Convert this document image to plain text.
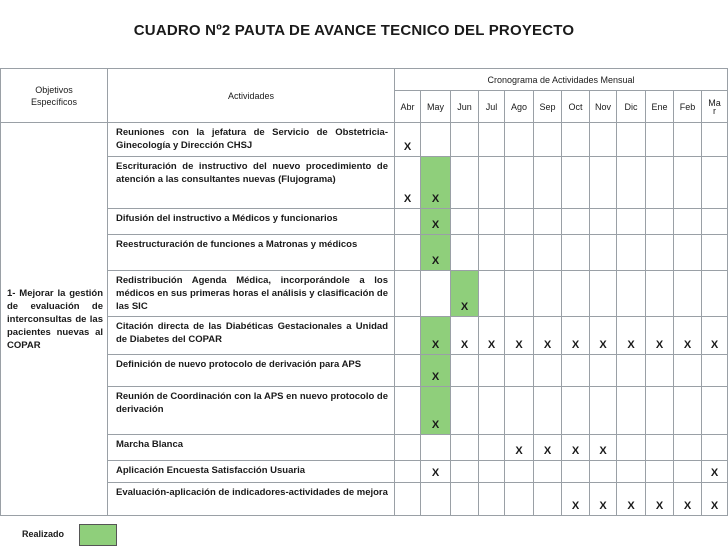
CUADRO Nº2 PAUTA DE AVANCE TECNICO DEL PROYECTO
Objetivos
Específicos	Actividades	Cronograma de Actividades Mensual											
		Abr	May	Jun	Jul	Ago	Sep	Oct	Nov	Dic	Ene	Feb	Ma
r
1- Mejorar la gestión de evaluación de interconsultas de las pacientes nuevas al COPAR	Reuniones con la jefatura de Servicio de Obstetricia- Ginecología y Dirección CHSJ	X											
	Escrituración de instructivo del nuevo procedimiento de atención a las consultantes nuevas (Flujograma)	X	X										
	Difusión del instructivo a Médicos y funcionarios		X										
	Reestructuración de funciones a Matronas y médicos		X										
	Redistribución Agenda Médica, incorporándole a los médicos en sus primeras horas el análisis y clasificación de las SIC			X									
	Citación directa de las Diabéticas Gestacionales a Unidad de Diabetes del COPAR		X	X	X	X	X	X	X	X	X	X	X
	Definición de nuevo protocolo de derivación para APS		X										
	Reunión de Coordinación con la APS en nuevo protocolo de derivación		X										
	Marcha Blanca					X	X	X	X				
	Aplicación Encuesta Satisfacción Usuaria		X										X
	Evaluación-aplicación de indicadores-actividades de mejora							X	X	X	X	X	X
Realizado
